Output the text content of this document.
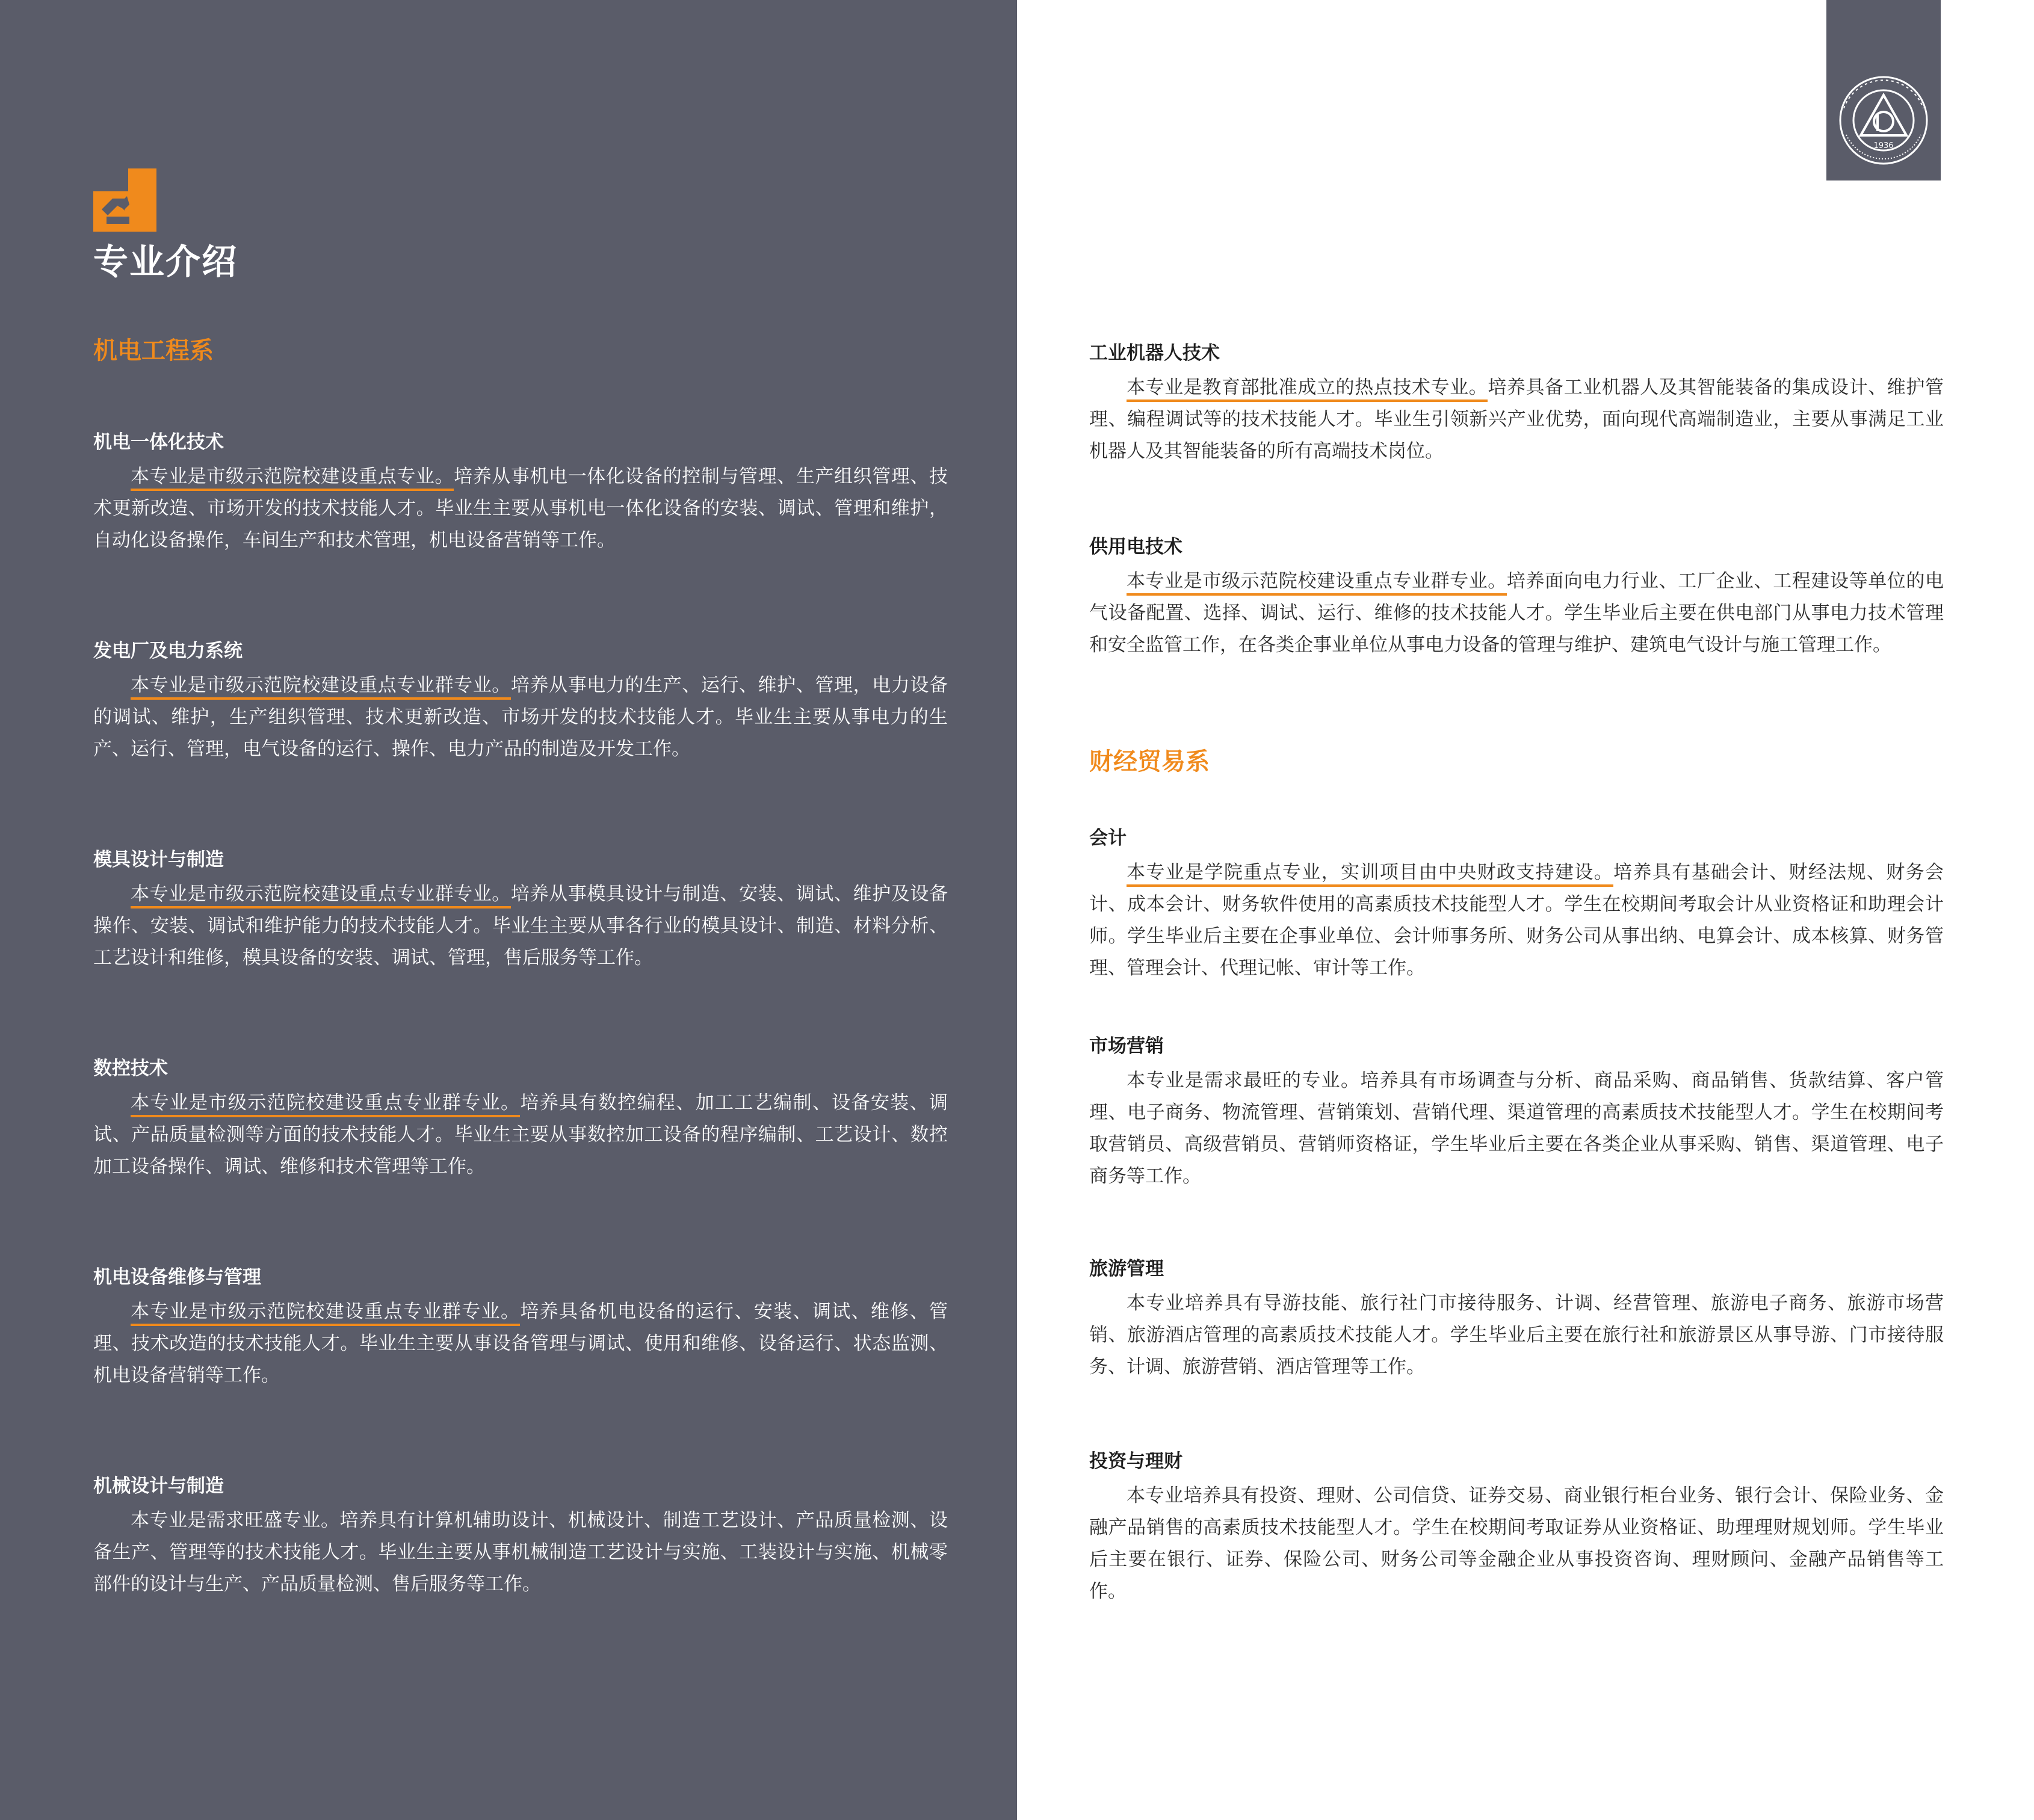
专业介绍
机电工程系
机电一体化技术

本专业是市级示范院校建设重点专业。培养从事机电一体化设备的控制与管理、生产组织管理、技术更新改造、市场开发的技术技能人才。毕业生主要从事机电一体化设备的安装、调试、管理和维护，自动化设备操作，车间生产和技术管理，机电设备营销等工作。

发电厂及电力系统

本专业是市级示范院校建设重点专业群专业。培养从事电力的生产、运行、维护、管理，电力设备的调试、维护，生产组织管理、技术更新改造、市场开发的技术技能人才。毕业生主要从事电力的生产、运行、管理，电气设备的运行、操作、电力产品的制造及开发工作。

模具设计与制造

本专业是市级示范院校建设重点专业群专业。培养从事模具设计与制造、安装、调试、维护及设备操作、安装、调试和维护能力的技术技能人才。毕业生主要从事各行业的模具设计、制造、材料分析、工艺设计和维修，模具设备的安装、调试、管理，售后服务等工作。

数控技术

本专业是市级示范院校建设重点专业群专业。培养具有数控编程、加工工艺编制、设备安装、调试、产品质量检测等方面的技术技能人才。毕业生主要从事数控加工设备的程序编制、工艺设计、数控加工设备操作、调试、维修和技术管理等工作。

机电设备维修与管理

本专业是市级示范院校建设重点专业群专业。培养具备机电设备的运行、安装、调试、维修、管理、技术改造的技术技能人才。毕业生主要从事设备管理与调试、使用和维修、设备运行、状态监测、机电设备营销等工作。

机械设计与制造

本专业是需求旺盛专业。培养具有计算机辅助设计、机械设计、制造工艺设计、产品质量检测、设备生产、管理等的技术技能人才。毕业生主要从事机械制造工艺设计与实施、工装设计与实施、机械零部件的设计与生产、产品质量检测、售后服务等工作。

工业机器人技术

本专业是教育部批准成立的热点技术专业。培养具备工业机器人及其智能装备的集成设计、维护管理、编程调试等的技术技能人才。毕业生引领新兴产业优势，面向现代高端制造业，主要从事满足工业机器人及其智能装备的所有高端技术岗位。

供用电技术

本专业是市级示范院校建设重点专业群专业。培养面向电力行业、工厂企业、工程建设等单位的电气设备配置、选择、调试、运行、维修的技术技能人才。学生毕业后主要在供电部门从事电力技术管理和安全监管工作，在各类企事业单位从事电力设备的管理与维护、建筑电气设计与施工管理工作。

财经贸易系
会计

本专业是学院重点专业，实训项目由中央财政支持建设。培养具有基础会计、财经法规、财务会计、成本会计、财务软件使用的高素质技术技能型人才。学生在校期间考取会计从业资格证和助理会计师。学生毕业后主要在企事业单位、会计师事务所、财务公司从事出纳、电算会计、成本核算、财务管理、管理会计、代理记帐、审计等工作。

市场营销

本专业是需求最旺的专业。培养具有市场调查与分析、商品采购、商品销售、货款结算、客户管理、电子商务、物流管理、营销策划、营销代理、渠道管理的高素质技术技能型人才。学生在校期间考取营销员、高级营销员、营销师资格证，学生毕业后主要在各类企业从事采购、销售、渠道管理、电子商务等工作。

旅游管理

本专业培养具有导游技能、旅行社门市接待服务、计调、经营管理、旅游电子商务、旅游市场营销、旅游酒店管理的高素质技术技能人才。学生毕业后主要在旅行社和旅游景区从事导游、门市接待服务、计调、旅游营销、酒店管理等工作。

投资与理财

本专业培养具有投资、理财、公司信贷、证券交易、商业银行柜台业务、银行会计、保险业务、金融产品销售的高素质技术技能型人才。学生在校期间考取证券从业资格证、助理理财规划师。学生毕业后主要在银行、证券、保险公司、财务公司等金融企业从事投资咨询、理财顾问、金融产品销售等工作。

1936
